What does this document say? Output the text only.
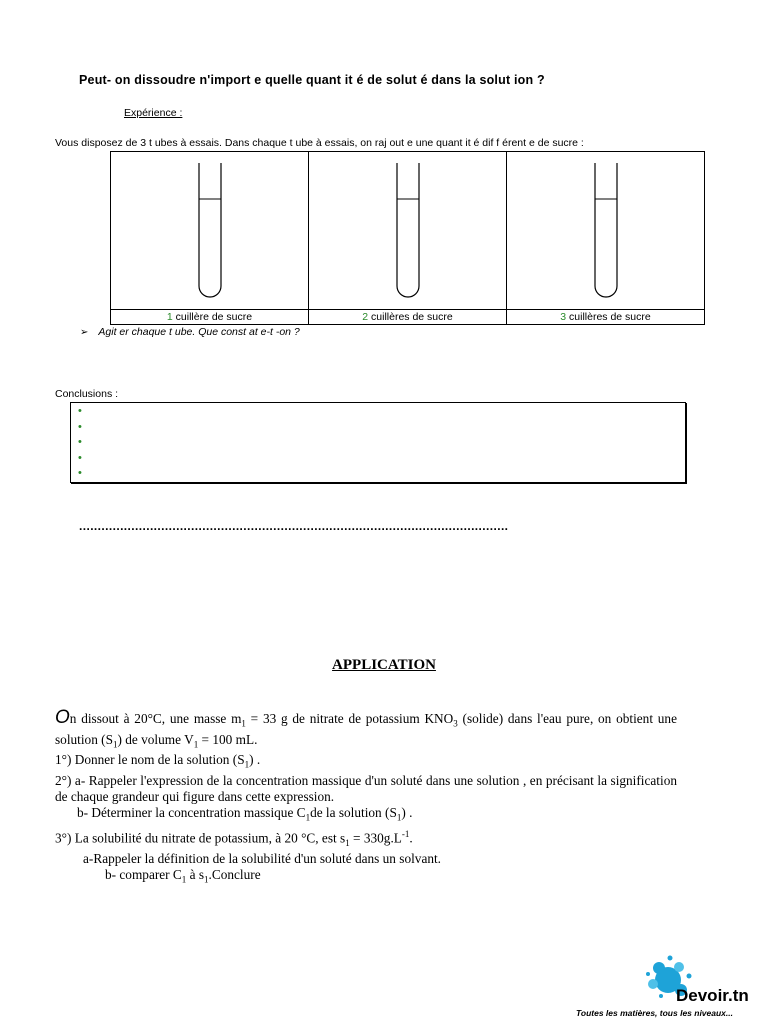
Peut- on dissoudre n'import e quelle quant it é de solut é dans la solut ion ?
Expérience :
Vous disposez de 3 t ubes à essais. Dans chaque t ube à essais, on raj out e une quant it é dif f érent e de sucre :

1 cuillère de sucre	2 cuillères de sucre	3 cuillères de sucre
➢ Agit er chaque t ube. Que const at e-t -on ?
Conclusions :
•
•
•
•
•
...................................................................................................................
APPLICATION
On dissout à 20°C, une masse $m_1 = 33$ g de nitrate de potassium $KNO_3$ (solide) dans l'eau pure, on obtient une solution $(S_1)$ de volume $V_1 = 100$ mL.
1°) Donner le nom de la solution $(S_1)$ .
2°) a- Rappeler l'expression de la concentration massique d'un soluté dans une solution , en précisant la signification de chaque grandeur qui figure dans cette expression.
b- Déterminer la concentration massique $C_1de$ la solution $(S_1)$ .
3°) La solubilité du nitrate de potassium, à 20 °C, est $s_1 = 330g.L^{-1}$.
a-Rappeler la définition de la solubilité d'un soluté dans un solvant.
b- comparer $C_1$ à $s_1.Conclure$
Devoir.tn
Toutes les matières, tous les niveaux...
